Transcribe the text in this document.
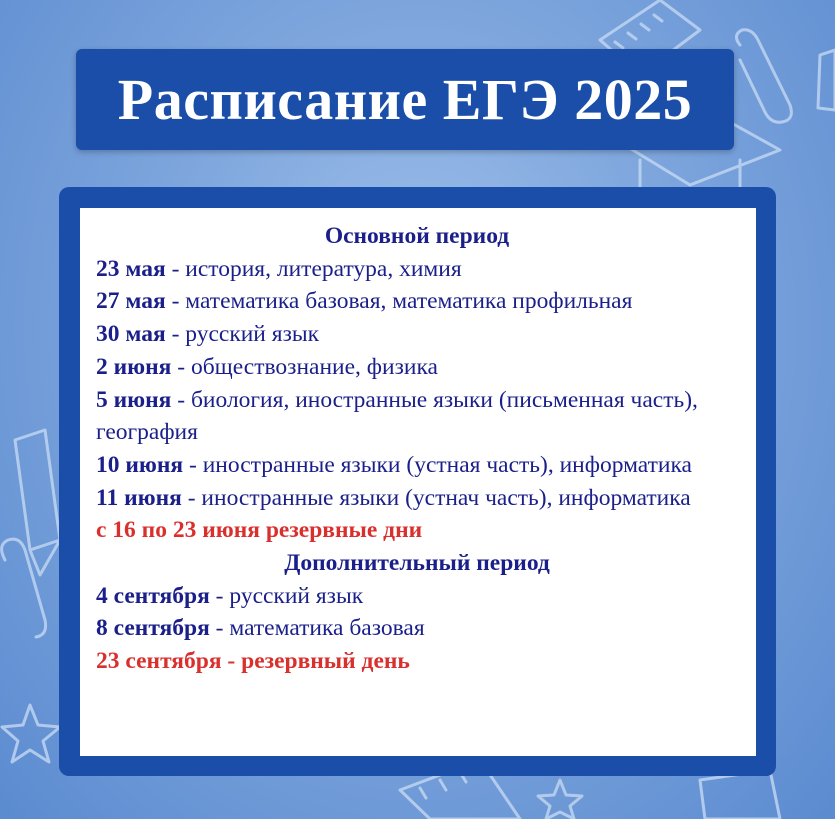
Расписание ЕГЭ 2025
Основной период
23 мая - история, литература, химия
27 мая - математика базовая, математика профильная
30 мая - русский язык
2 июня - обществознание, физика
5 июня - биология, иностранные языки (письменная часть), география
10 июня - иностранные языки (устная часть), информатика
11 июня - иностранные языки (устнач часть), информатика
с 16 по 23 июня резервные дни
Дополнительный период
4 сентября - русский язык
8 сентября - математика базовая
23 сентября - резервный день
